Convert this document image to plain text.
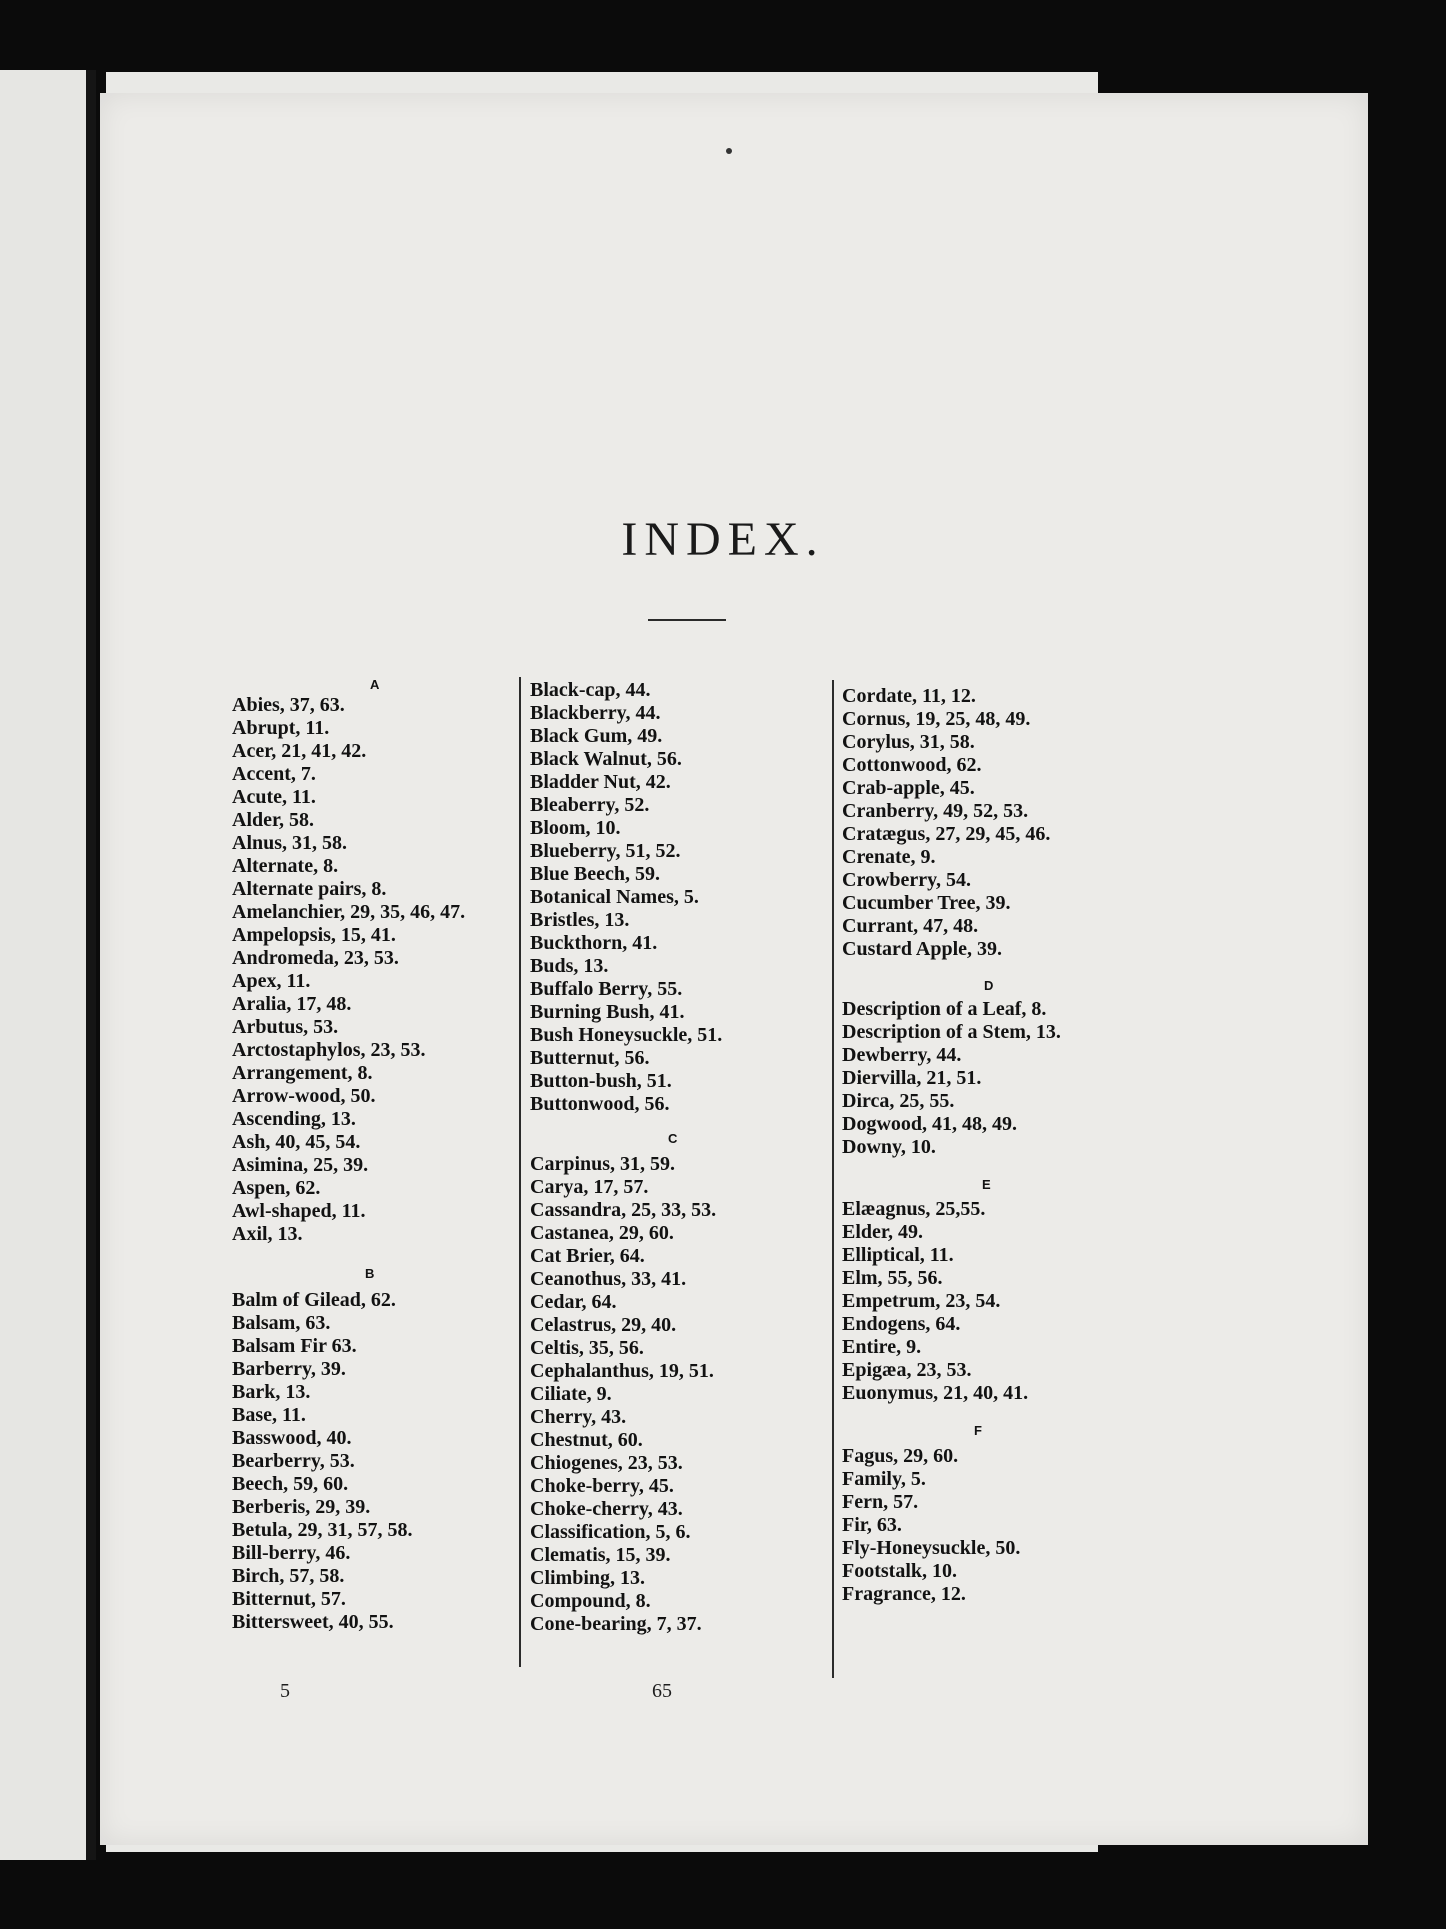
INDEX.
A
Abies, 37, 63.
Abrupt, 11.
Acer, 21, 41, 42.
Accent, 7.
Acute, 11.
Alder, 58.
Alnus, 31, 58.
Alternate, 8.
Alternate pairs, 8.
Amelanchier, 29, 35, 46, 47.
Ampelopsis, 15, 41.
Andromeda, 23, 53.
Apex, 11.
Aralia, 17, 48.
Arbutus, 53.
Arctostaphylos, 23, 53.
Arrangement, 8.
Arrow-wood, 50.
Ascending, 13.
Ash, 40, 45, 54.
Asimina, 25, 39.
Aspen, 62.
Awl-shaped, 11.
Axil, 13.
B
Balm of Gilead, 62.
Balsam, 63.
Balsam Fir 63.
Barberry, 39.
Bark, 13.
Base, 11.
Basswood, 40.
Bearberry, 53.
Beech, 59, 60.
Berberis, 29, 39.
Betula, 29, 31, 57, 58.
Bill-berry, 46.
Birch, 57, 58.
Bitternut, 57.
Bittersweet, 40, 55.
5
Black-cap, 44.
Blackberry, 44.
Black Gum, 49.
Black Walnut, 56.
Bladder Nut, 42.
Bleaberry, 52.
Bloom, 10.
Blueberry, 51, 52.
Blue Beech, 59.
Botanical Names, 5.
Bristles, 13.
Buckthorn, 41.
Buds, 13.
Buffalo Berry, 55.
Burning Bush, 41.
Bush Honeysuckle, 51.
Butternut, 56.
Button-bush, 51.
Buttonwood, 56.
C
Carpinus, 31, 59.
Carya, 17, 57.
Cassandra, 25, 33, 53.
Castanea, 29, 60.
Cat Brier, 64.
Ceanothus, 33, 41.
Cedar, 64.
Celastrus, 29, 40.
Celtis, 35, 56.
Cephalanthus, 19, 51.
Ciliate, 9.
Cherry, 43.
Chestnut, 60.
Chiogenes, 23, 53.
Choke-berry, 45.
Choke-cherry, 43.
Classification, 5, 6.
Clematis, 15, 39.
Climbing, 13.
Compound, 8.
Cone-bearing, 7, 37.
65
Cordate, 11, 12.
Cornus, 19, 25, 48, 49.
Corylus, 31, 58.
Cottonwood, 62.
Crab-apple, 45.
Cranberry, 49, 52, 53.
Cratægus, 27, 29, 45, 46.
Crenate, 9.
Crowberry, 54.
Cucumber Tree, 39.
Currant, 47, 48.
Custard Apple, 39.
D
Description of a Leaf, 8.
Description of a Stem, 13.
Dewberry, 44.
Diervilla, 21, 51.
Dirca, 25, 55.
Dogwood, 41, 48, 49.
Downy, 10.
E
Elæagnus, 25,55.
Elder, 49.
Elliptical, 11.
Elm, 55, 56.
Empetrum, 23, 54.
Endogens, 64.
Entire, 9.
Epigæa, 23, 53.
Euonymus, 21, 40, 41.
F
Fagus, 29, 60.
Family, 5.
Fern, 57.
Fir, 63.
Fly-Honeysuckle, 50.
Footstalk, 10.
Fragrance, 12.
